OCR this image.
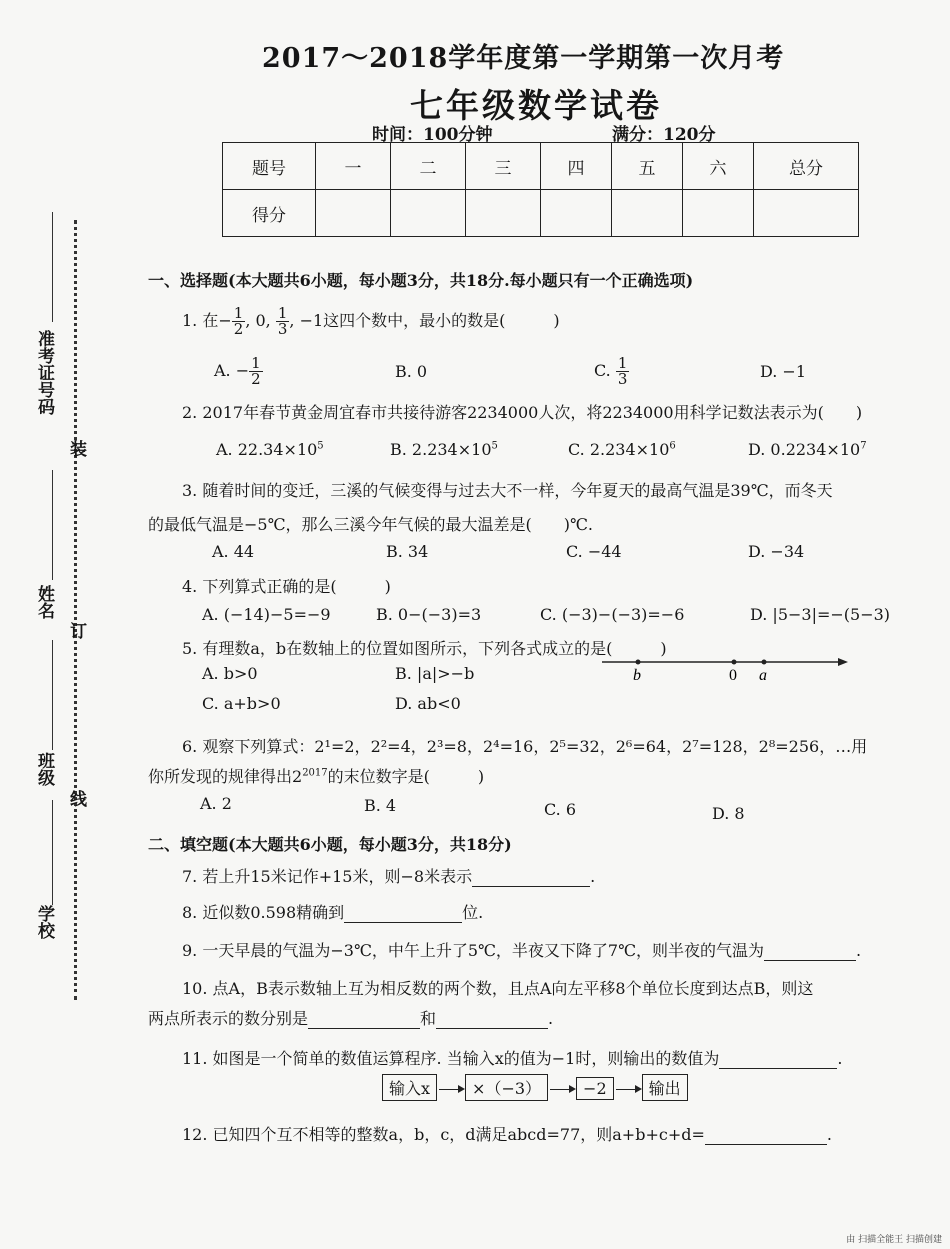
2017～2018学年度第一学期第一次月考
七年级数学试卷
时间：100分钟	满分：120分
题号	一	二	三	四	五	六	总分
得分							
准考证号码
装
姓名
订
班级
线
学校
一、选择题(本大题共6小题，每小题3分，共18分.每小题只有一个正确选项)
1. 在− $\frac{1}{2}$ , 0, $\frac{1}{3}$ , −1这四个数中，最小的数是(　　　)
A. − $\frac{1}{2}$	B. 0	C. $\frac{1}{3}$	D. −1
2. 2017年春节黄金周宜春市共接待游客2234000人次，将2234000用科学记数法表示为(　　)
A. $22.34\times 10^5$	B. $2.234\times 10^5$	C. $2.234\times 10^6$	D. $0.2234\times 10^7$
3. 随着时间的变迁，三溪的气候变得与过去大不一样，今年夏天的最高气温是39℃，而冬天
的最低气温是−5℃，那么三溪今年气候的最大温差是(　　)℃.
A. 44	B. 34	C. −44	D. −34
4. 下列算式正确的是(　　　)
A. (−14)−5=−9	B. 0−(−3)=3	C. (−3)−(−3)=−6	D. |5−3|=−(5−3)
5. 有理数a，b在数轴上的位置如图所示，下列各式成立的是(　　　)
A. b>0	B. |a|>−b
C. a+b>0	D. ab<0
b	0 a
6. 观察下列算式：2¹=2，2²=4，2³=8，2⁴=16，2⁵=32，2⁶=64，2⁷=128，2⁸=256，…用
你所发现的规律得出$2^{2017}$的末位数字是(　　　)
A. 2	B. 4	C. 6	D. 8
二、填空题(本大题共6小题，每小题3分，共18分)
7. 若上升15米记作+15米，则−8米表示	.
8. 近似数0.598精确到	位.
9. 一天早晨的气温为−3℃，中午上升了5℃，半夜又下降了7℃，则半夜的气温为	.
10. 点A，B表示数轴上互为相反数的两个数，且点A向左平移8个单位长度到达点B，则这
两点所表示的数分别是	和	.
11. 如图是一个简单的数值运算程序. 当输入x的值为−1时，则输出的数值为	.
输入x	×（−3）	−2	输出
12. 已知四个互不相等的整数a，b，c，d满足abcd=77，则a+b+c+d=	.
由 扫描全能王 扫描创建
